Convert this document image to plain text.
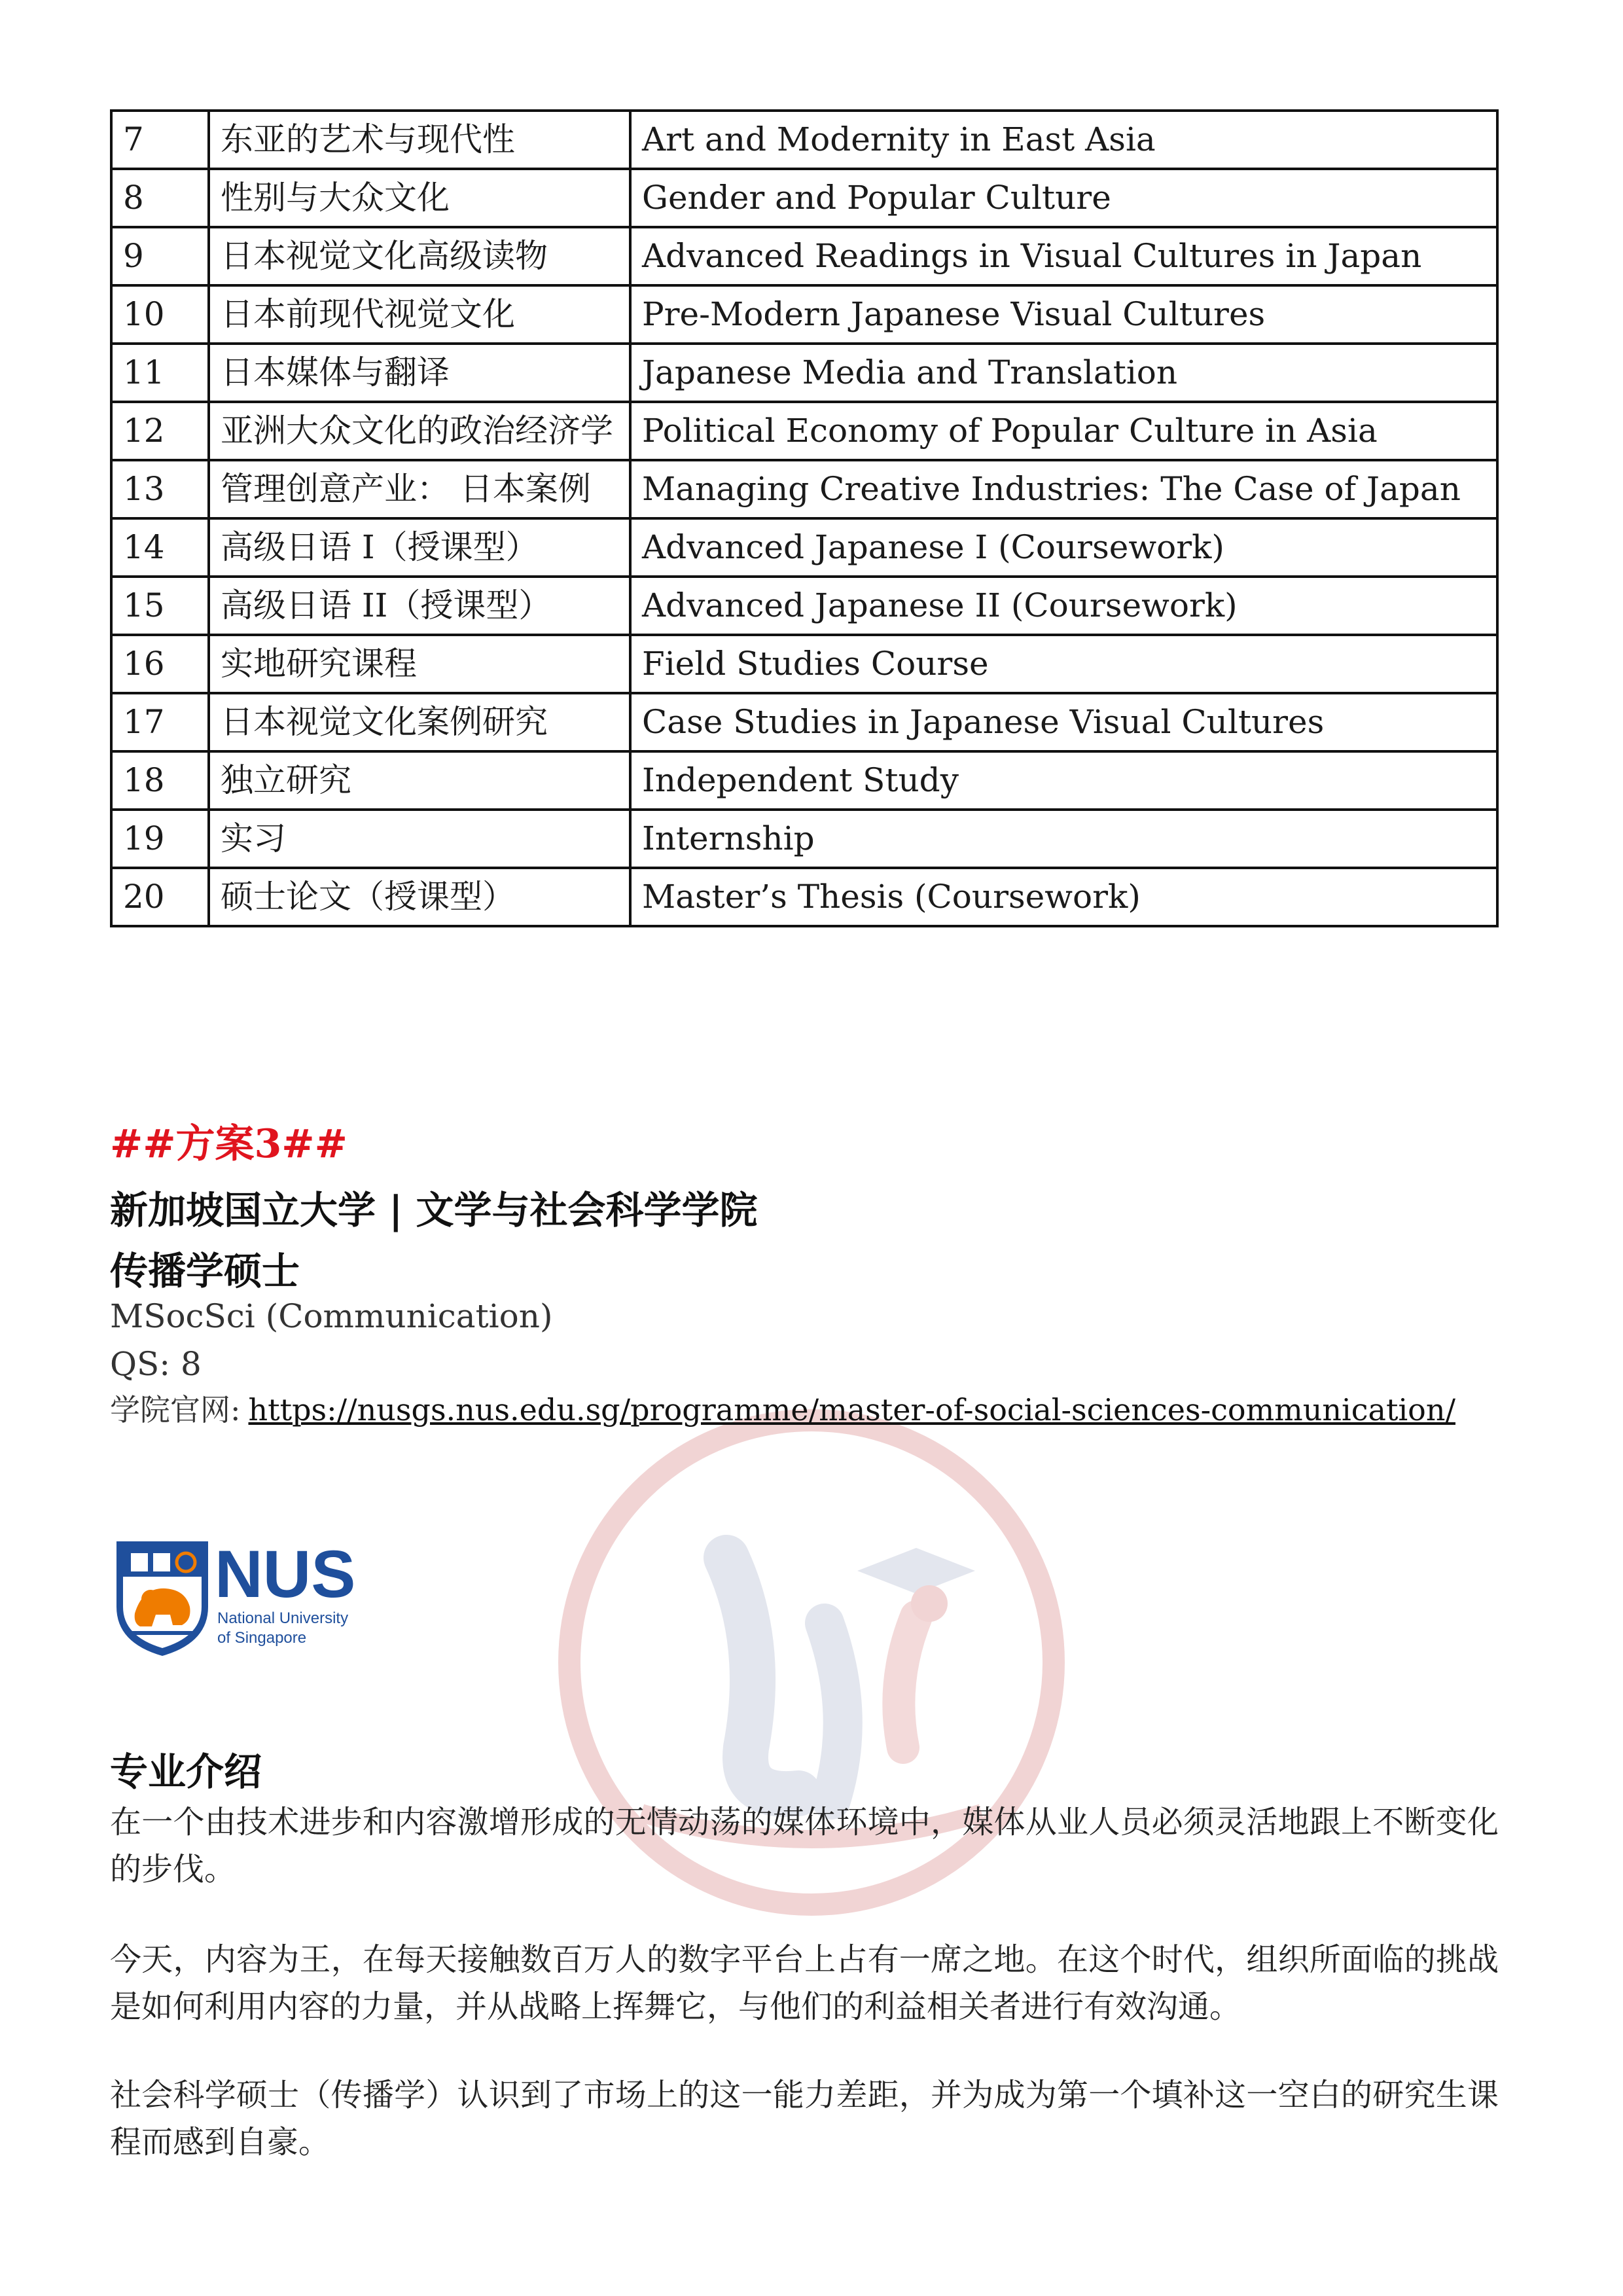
7	东亚的艺术与现代性	Art and Modernity in East Asia
8	性别与大众文化	Gender and Popular Culture
9	日本视觉文化高级读物	Advanced Readings in Visual Cultures in Japan
10	日本前现代视觉文化	Pre-Modern Japanese Visual Cultures
11	日本媒体与翻译	Japanese Media and Translation
12	亚洲大众文化的政治经济学	Political Economy of Popular Culture in Asia
13	管理创意产业： 日本案例	Managing Creative Industries: The Case of Japan
14	高级日语 I（授课型）	Advanced Japanese I (Coursework)
15	高级日语 II（授课型）	Advanced Japanese II (Coursework)
16	实地研究课程	Field Studies Course
17	日本视觉文化案例研究	Case Studies in Japanese Visual Cultures
18	独立研究	Independent Study
19	实习	Internship
20	硕士论文（授课型）	Master’s Thesis (Coursework)
##方案3##
新加坡国立大学 | 文学与社会科学学院
传播学硕士
MSocSci (Communication)
QS: 8
学院官网: https://nusgs.nus.edu.sg/programme/master-of-social-sciences-communication/
NUS
National University
of Singapore
专业介绍
在一个由技术进步和内容激增形成的无情动荡的媒体环境中，媒体从业人员必须灵活地跟上不断变化的步伐。
今天，内容为王，在每天接触数百万人的数字平台上占有一席之地。在这个时代，组织所面临的挑战是如何利用内容的力量，并从战略上挥舞它，与他们的利益相关者进行有效沟通。
社会科学硕士（传播学）认识到了市场上的这一能力差距，并为成为第一个填补这一空白的研究生课程而感到自豪。
